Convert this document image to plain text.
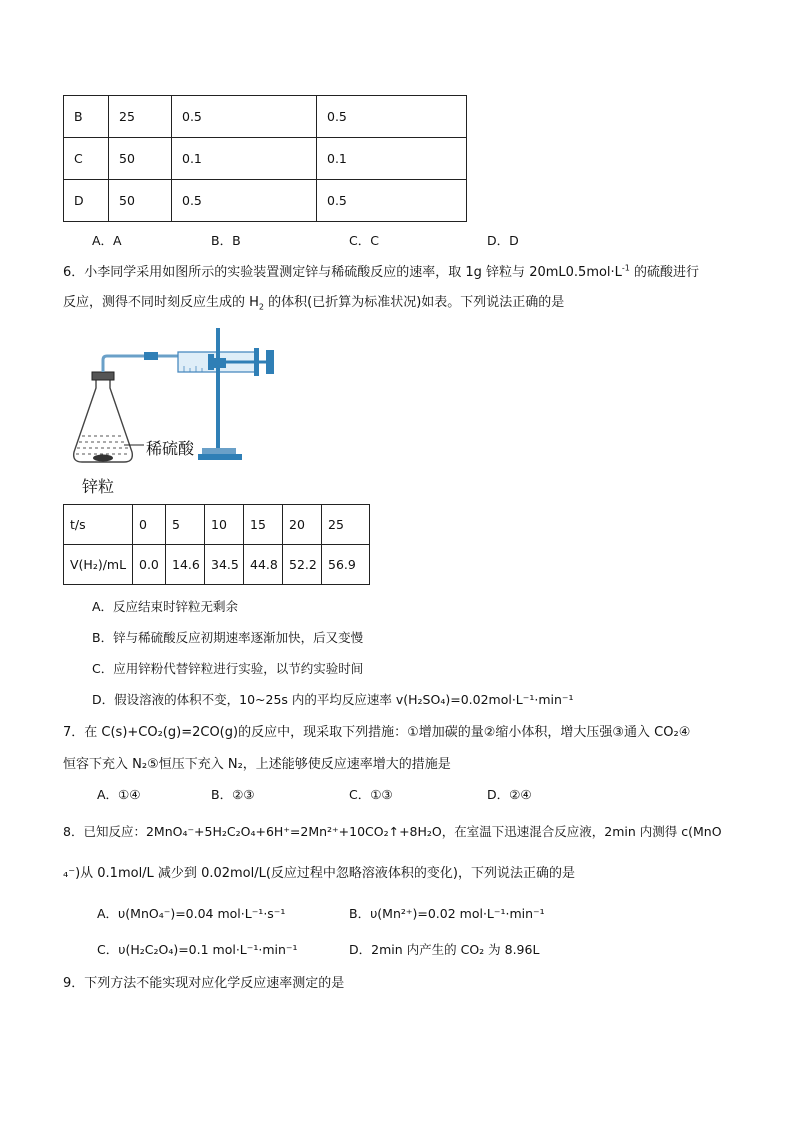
B	25	0.5	0.5
C	50	0.1	0.1
D	50	0.5	0.5
A．A	B．B	C．C	D．D
6．小李同学采用如图所示的实验装置测定锌与稀硫酸反应的速率，取 1g 锌粒与 $20mL0.5mol\cdot L^{-1}$ 的硫酸进行
反应，测得不同时刻反应生成的 $H_2$ 的体积(已折算为标准状况)如表。下列说法正确的是
稀硫酸
锌粒
t/s	0	5	10	15	20	25
V(H₂)/mL	0.0	14.6	34.5	44.8	52.2	56.9
A．反应结束时锌粒无剩余
B．锌与稀硫酸反应初期速率逐渐加快，后又变慢
C．应用锌粉代替锌粒进行实验，以节约实验时间
D．假设溶液的体积不变，10~25s 内的平均反应速率 v(H₂SO₄)=0.02mol·L⁻¹·min⁻¹
7．在 C(s)+CO₂(g)=2CO(g)的反应中，现采取下列措施：①增加碳的量②缩小体积，增大压强③通入 CO₂④
恒容下充入 N₂⑤恒压下充入 N₂，上述能够使反应速率增大的措施是
A．①④	B．②③	C．①③	D．②④
8．已知反应：2MnO₄⁻+5H₂C₂O₄+6H⁺=2Mn²⁺+10CO₂↑+8H₂O，在室温下迅速混合反应液，2min 内测得 c(MnO
₄⁻)从 0.1mol/L 减少到 0.02mol/L(反应过程中忽略溶液体积的变化)，下列说法正确的是
A．υ(MnO₄⁻)=0.04 mol·L⁻¹·s⁻¹	B．υ(Mn²⁺)=0.02 mol·L⁻¹·min⁻¹
C．υ(H₂C₂O₄)=0.1 mol·L⁻¹·min⁻¹	D．2min 内产生的 CO₂ 为 8.96L
9．下列方法不能实现对应化学反应速率测定的是
